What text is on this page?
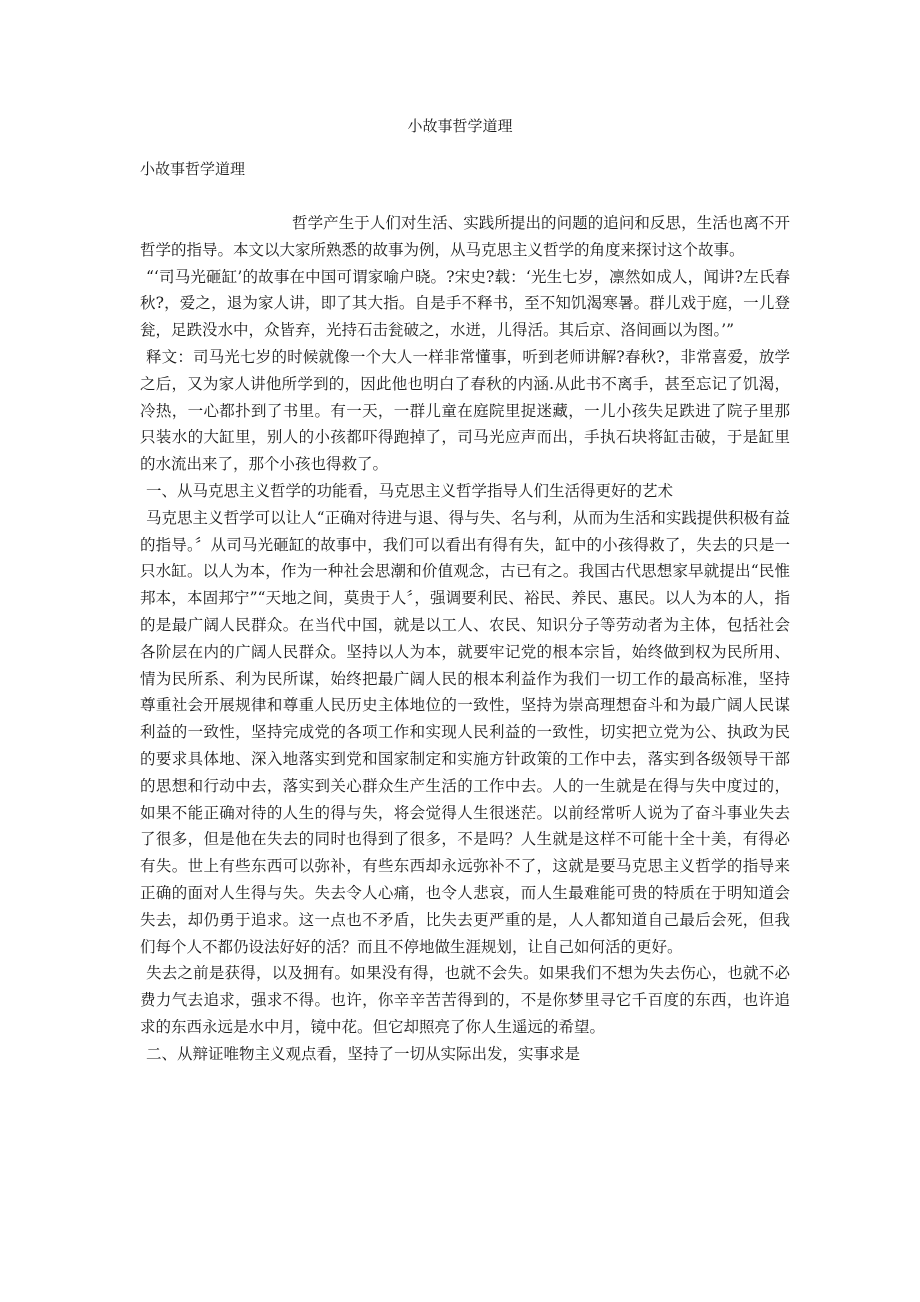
小故事哲学道理
小故事哲学道理

哲学产生于人们对生活、实践所提出的问题的追问和反思，生活也离不开哲学的指导。本文以大家所熟悉的故事为例，从马克思主义哲学的角度来探讨这个故事。

“‘司马光砸缸’的故事在中国可谓家喻户晓。?宋史?载：‘光生七岁，凛然如成人，闻讲?左氏春秋?，爱之，退为家人讲，即了其大指。自是手不释书，至不知饥渴寒暑。群儿戏于庭，一儿登瓮，足跌没水中，众皆弃，光持石击瓮破之，水迸，儿得活。其后京、洛间画以为图。’”

释文：司马光七岁的时候就像一个大人一样非常懂事，听到老师讲解?春秋?，非常喜爱，放学之后，又为家人讲他所学到的，因此他也明白了春秋的内涵.从此书不离手，甚至忘记了饥渴，冷热，一心都扑到了书里。有一天，一群儿童在庭院里捉迷藏，一儿小孩失足跌进了院子里那只装水的大缸里，别人的小孩都吓得跑掉了，司马光应声而出，手执石块将缸击破，于是缸里的水流出来了，那个小孩也得救了。

一、从马克思主义哲学的功能看，马克思主义哲学指导人们生活得更好的艺术

马克思主义哲学可以让人“正确对待进与退、得与失、名与利，从而为生活和实践提供积极有益的指导。〞从司马光砸缸的故事中，我们可以看出有得有失，缸中的小孩得救了，失去的只是一只水缸。以人为本，作为一种社会思潮和价值观念，古已有之。我国古代思想家早就提出“民惟邦本，本固邦宁”“天地之间，莫贵于人〞，强调要利民、裕民、养民、惠民。以人为本的人，指的是最广阔人民群众。在当代中国，就是以工人、农民、知识分子等劳动者为主体，包括社会各阶层在内的广阔人民群众。坚持以人为本，就要牢记党的根本宗旨，始终做到权为民所用、情为民所系、利为民所谋，始终把最广阔人民的根本利益作为我们一切工作的最高标准，坚持尊重社会开展规律和尊重人民历史主体地位的一致性，坚持为崇高理想奋斗和为最广阔人民谋利益的一致性，坚持完成党的各项工作和实现人民利益的一致性，切实把立党为公、执政为民的要求具体地、深入地落实到党和国家制定和实施方针政策的工作中去，落实到各级领导干部的思想和行动中去，落实到关心群众生产生活的工作中去。人的一生就是在得与失中度过的，如果不能正确对待的人生的得与失，将会觉得人生很迷茫。以前经常听人说为了奋斗事业失去了很多，但是他在失去的同时也得到了很多，不是吗？人生就是这样不可能十全十美，有得必有失。世上有些东西可以弥补，有些东西却永远弥补不了，这就是要马克思主义哲学的指导来正确的面对人生得与失。失去令人心痛，也令人悲哀，而人生最难能可贵的特质在于明知道会失去，却仍勇于追求。这一点也不矛盾，比失去更严重的是，人人都知道自己最后会死，但我们每个人不都仍设法好好的活？而且不停地做生涯规划，让自己如何活的更好。

失去之前是获得，以及拥有。如果没有得，也就不会失。如果我们不想为失去伤心，也就不必费力气去追求，强求不得。也许，你辛辛苦苦得到的，不是你梦里寻它千百度的东西，也许追求的东西永远是水中月，镜中花。但它却照亮了你人生遥远的希望。

二、从辩证唯物主义观点看，坚持了一切从实际出发，实事求是
